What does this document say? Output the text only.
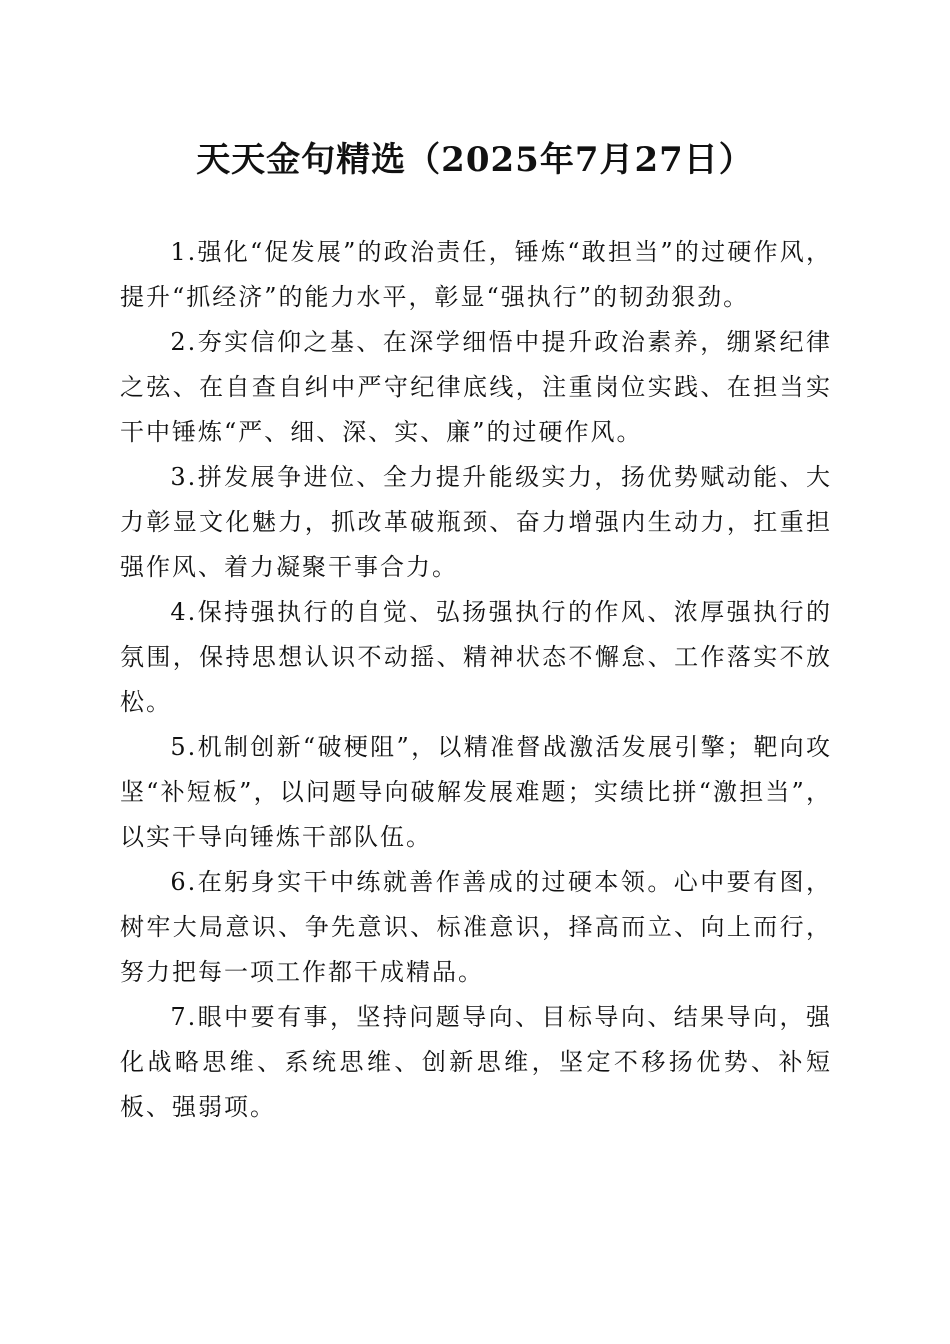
天天金句精选（2025年7月27日）

1.强化“促发展”的政治责任，锤炼“敢担当”的过硬作风，提升“抓经济”的能力水平，彰显“强执行”的韧劲狠劲。

2.夯实信仰之基、在深学细悟中提升政治素养，绷紧纪律之弦、在自查自纠中严守纪律底线，注重岗位实践、在担当实干中锤炼“严、细、深、实、廉”的过硬作风。

3.拼发展争进位、全力提升能级实力，扬优势赋动能、大力彰显文化魅力，抓改革破瓶颈、奋力增强内生动力，扛重担强作风、着力凝聚干事合力。

4.保持强执行的自觉、弘扬强执行的作风、浓厚强执行的氛围，保持思想认识不动摇、精神状态不懈怠、工作落实不放松。

5.机制创新“破梗阻”，以精准督战激活发展引擎；靶向攻坚“补短板”，以问题导向破解发展难题；实绩比拼“激担当”，以实干导向锤炼干部队伍。

6.在躬身实干中练就善作善成的过硬本领。心中要有图，树牢大局意识、争先意识、标准意识，择高而立、向上而行，努力把每一项工作都干成精品。

7.眼中要有事，坚持问题导向、目标导向、结果导向，强化战略思维、系统思维、创新思维，坚定不移扬优势、补短板、强弱项。
